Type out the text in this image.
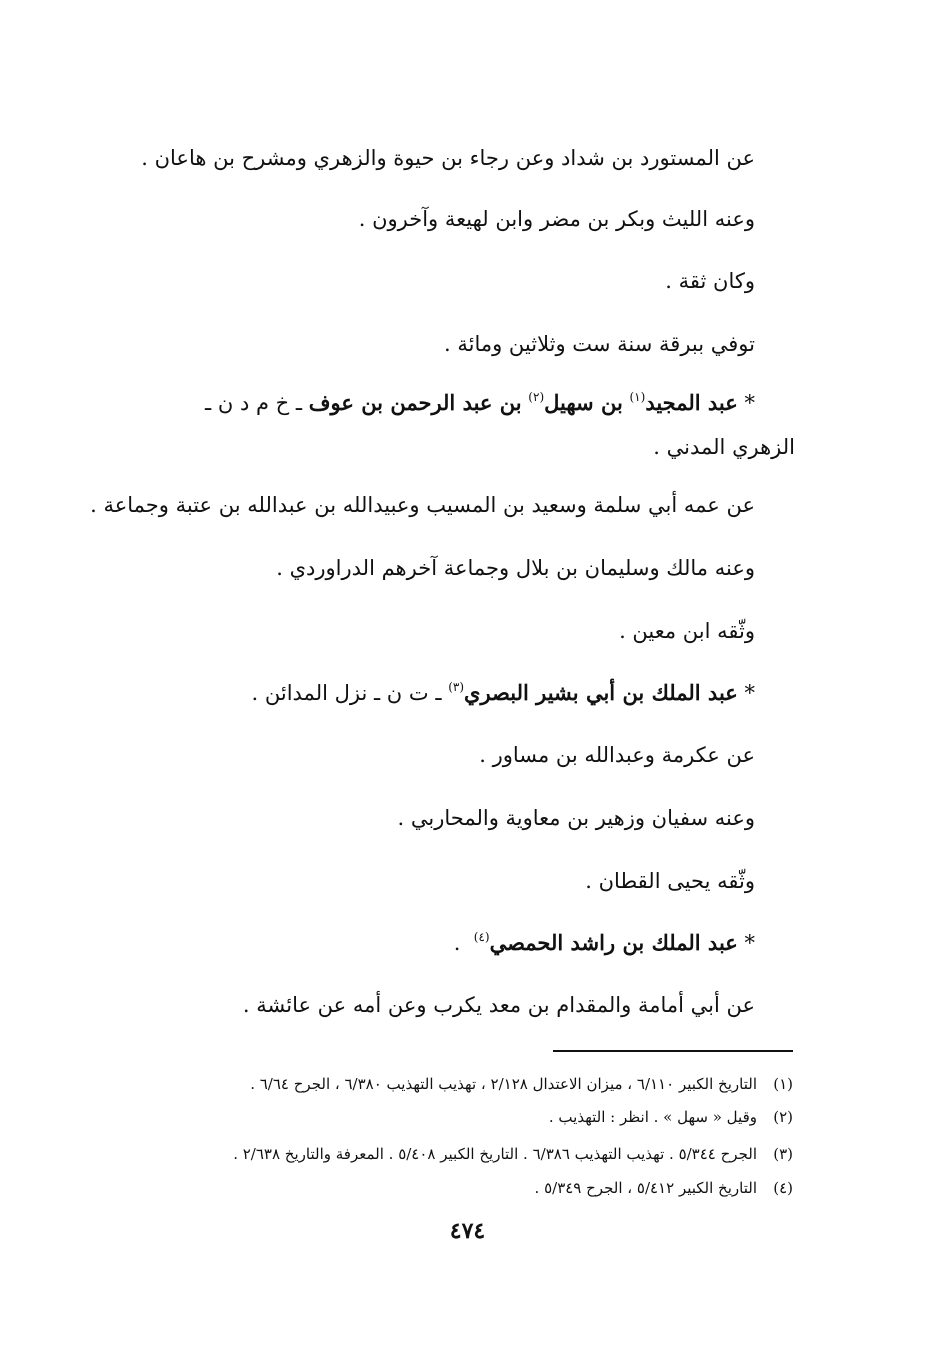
عن المستورد بن شداد وعن رجاء بن حيوة والزهري ومشرح بن هاعان .
وعنه الليث وبكر بن مضر وابن لهيعة وآخرون .
وكان ثقة .
توفي ببرقة سنة ست وثلاثين ومائة .
* عبد المجيد$^{(١)}$ بن سهيل$^{(٢)}$ بن عبد الرحمن بن عوف ـ خ م د ن ـ
الزهري المدني .
عن عمه أبي سلمة وسعيد بن المسيب وعبيدالله بن عبدالله بن عتبة وجماعة .
وعنه مالك وسليمان بن بلال وجماعة آخرهم الدراوردي .
وثّقه ابن معين .
* عبد الملك بن أبي بشير البصري$^{(٣)}$ ـ ت ن ـ نزل المدائن .
عن عكرمة وعبدالله بن مساور .
وعنه سفيان وزهير بن معاوية والمحاربي .
وثّقه يحيى القطان .
* عبد الملك بن راشد الحمصي$^{(٤)}$  .
عن أبي أمامة والمقدام بن معد يكرب وعن أمه عن عائشة .
(١)التاريخ الكبير ٦/١١٠ ، ميزان الاعتدال ٢/١٢٨ ، تهذيب التهذيب ٦/٣٨٠ ، الجرح ٦/٦٤ .
(٢)وقيل « سهل » . انظر : التهذيب .
(٣)الجرح ٥/٣٤٤ . تهذيب التهذيب ٦/٣٨٦ . التاريخ الكبير ٥/٤٠٨ . المعرفة والتاريخ ٢/٦٣٨ .
(٤)التاريخ الكبير ٥/٤١٢ ، الجرح ٥/٣٤٩ .
٤٧٤
